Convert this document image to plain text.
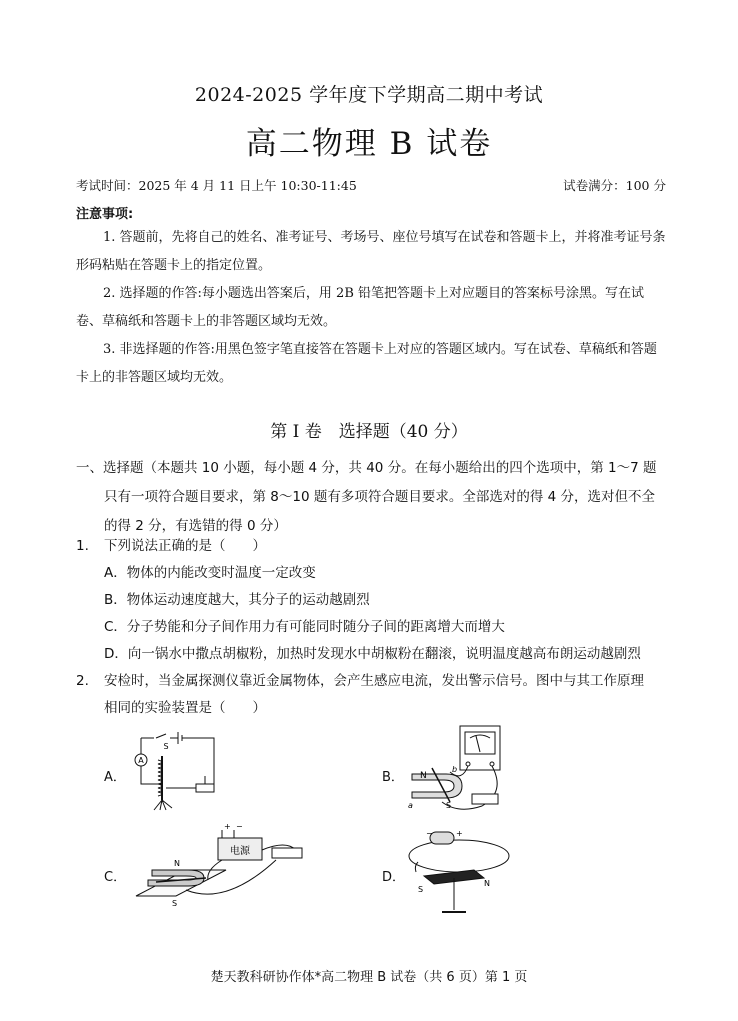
2024-2025 学年度下学期高二期中考试
高二物理 B 试卷
考试时间：2025 年 4 月 11 日上午 10:30-11:45	试卷满分：100 分
注意事项:
1. 答题前，先将自己的姓名、准考证号、考场号、座位号填写在试卷和答题卡上，并将准考证号条形码粘贴在答题卡上的指定位置。
2. 选择题的作答:每小题选出答案后，用 2B 铅笔把答题卡上对应题目的答案标号涂黑。写在试卷、草稿纸和答题卡上的非答题区域均无效。
3. 非选择题的作答:用黑色签字笔直接答在答题卡上对应的答题区域内。写在试卷、草稿纸和答题卡上的非答题区域均无效。
第 I 卷　选择题（40 分）
一、选择题（本题共 10 小题，每小题 4 分，共 40 分。在每小题给出的四个选项中，第 1～7 题
只有一项符合题目要求，第 8～10 题有多项符合题目要求。全部选对的得 4 分，选对但不全的得 2 分，有选错的得 0 分）
1.	下列说法正确的是（　　）
A．物体的内能改变时温度一定改变
B．物体运动速度越大，其分子的运动越剧烈
C．分子势能和分子间作用力有可能同时随分子间的距离增大而增大
D．向一锅水中撒点胡椒粉，加热时发现水中胡椒粉在翻滚，说明温度越高布朗运动越剧烈
2.	安检时，当金属探测仪靠近金属物体，会产生感应电流，发出警示信号。图中与其工作原理
相同的实验装置是（　　）
A．	B．
C．	D．
A
S
N
S
a
b
+ −
电源
N
S
−	+
S
N
楚天教科研协作体*高二物理 B 试卷（共 6 页）第 1 页
